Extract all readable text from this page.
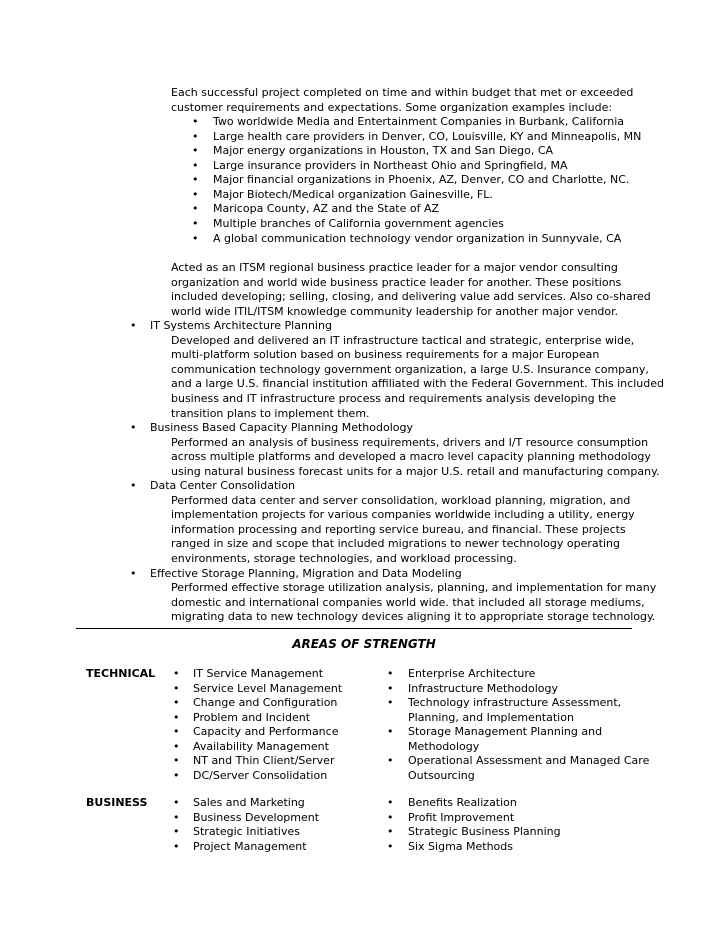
Each successful project completed on time and within budget that met or exceeded
customer requirements and expectations. Some organization examples include:
• Two worldwide Media and Entertainment Companies in Burbank, California
• Large health care providers in Denver, CO, Louisville, KY and Minneapolis, MN
• Major energy organizations in Houston, TX and San Diego, CA
• Large insurance providers in Northeast Ohio and Springfield, MA
• Major financial organizations in Phoenix, AZ, Denver, CO and Charlotte, NC.
• Major Biotech/Medical organization Gainesville, FL.
• Maricopa County, AZ and the State of AZ
• Multiple branches of California government agencies
• A global communication technology vendor organization in Sunnyvale, CA
Acted as an ITSM regional business practice leader for a major vendor consulting
organization and world wide business practice leader for another. These positions
included developing; selling, closing, and delivering value add services. Also co-shared
world wide ITIL/ITSM knowledge community leadership for another major vendor.
• IT Systems Architecture Planning
Developed and delivered an IT infrastructure tactical and strategic, enterprise wide,
multi-platform solution based on business requirements for a major European
communication technology government organization, a large U.S. Insurance company,
and a large U.S. financial institution affiliated with the Federal Government. This included
business and IT infrastructure process and requirements analysis developing the
transition plans to implement them.
• Business Based Capacity Planning Methodology
Performed an analysis of business requirements, drivers and I/T resource consumption
across multiple platforms and developed a macro level capacity planning methodology
using natural business forecast units for a major U.S. retail and manufacturing company.
• Data Center Consolidation
Performed data center and server consolidation, workload planning, migration, and
implementation projects for various companies worldwide including a utility, energy
information processing and reporting service bureau, and financial. These projects
ranged in size and scope that included migrations to newer technology operating
environments, storage technologies, and workload processing.
• Effective Storage Planning, Migration and Data Modeling
Performed effective storage utilization analysis, planning, and implementation for many
domestic and international companies world wide. that included all storage mediums,
migrating data to new technology devices aligning it to appropriate storage technology.
AREAS OF STRENGTH
TECHNICAL • IT Service Management
• Service Level Management
• Change and Configuration
• Problem and Incident
• Capacity and Performance
• Availability Management
• NT and Thin Client/Server
• DC/Server Consolidation
• Enterprise Architecture
• Infrastructure Methodology
• Technology infrastructure Assessment,
Planning, and Implementation
• Storage Management Planning and
Methodology
• Operational Assessment and Managed Care
Outsourcing
BUSINESS • Sales and Marketing
• Business Development
• Strategic Initiatives
• Project Management
• Benefits Realization
• Profit Improvement
• Strategic Business Planning
• Six Sigma Methods
